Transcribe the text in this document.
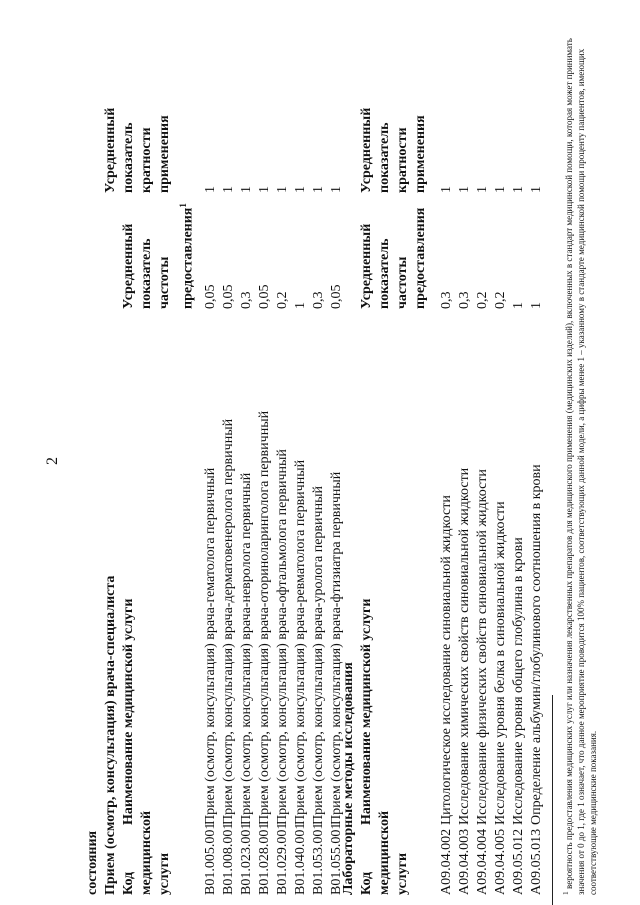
2
состояния Прием (осмотр, консультация) врача-специалиста Код медицинской услуги
Наименование медицинской услуги
Усредненный показатель частоты предоставления$^1$
Усредненный показатель кратности применения
B01.005.001
Прием (осмотр, консультация) врача-гематолога первичный
0,05
1
B01.008.001
Прием (осмотр, консультация) врача-дерматовенеролога первичный
0,05
1
B01.023.001
Прием (осмотр, консультация) врача-невролога первичный
0,3
1
B01.028.001
Прием (осмотр, консультация) врача-оториноларинголога первичный
0,05
1
B01.029.001
Прием (осмотр, консультация) врача-офтальмолога первичный
0,2
1
B01.040.001
Прием (осмотр, консультация) врача-ревматолога первичный
1
1
B01.053.001
Прием (осмотр, консультация) врача-уролога первичный
0,3
1
B01.055.001
Прием (осмотр, консультация) врача-фтизиатра первичный
0,05
1
Лабораторные методы исследования Код медицинской услуги
Наименование медицинской услуги
Усредненный показатель частоты предоставления
Усредненный показатель кратности применения
A09.04.002
Цитологическое исследование синовиальной жидкости
0,3
1
A09.04.003
Исследование химических свойств синовиальной жидкости
0,3
1
A09.04.004
Исследование физических свойств синовиальной жидкости
0,2
1
A09.04.005
Исследование уровня белка в синовиальной жидкости
0,2
1
A09.05.012
Исследование уровня общего глобулина в крови
1
1
A09.05.013
Определение альбумин/глобулинового соотношения в крови
1
1
$^1$ вероятность предоставления медицинских услуг или назначения лекарственных препаратов для медицинского применения (медицинских изделий), включенных в стандарт медицинской помощи, которая может принимать значения от 0 до 1, где 1 означает, что данное мероприятие проводится 100% пациентов, соответствующих данной модели, а цифры менее 1 – указанному в стандарте медицинской помощи проценту пациентов, имеющих соответствующие медицинские показания.
